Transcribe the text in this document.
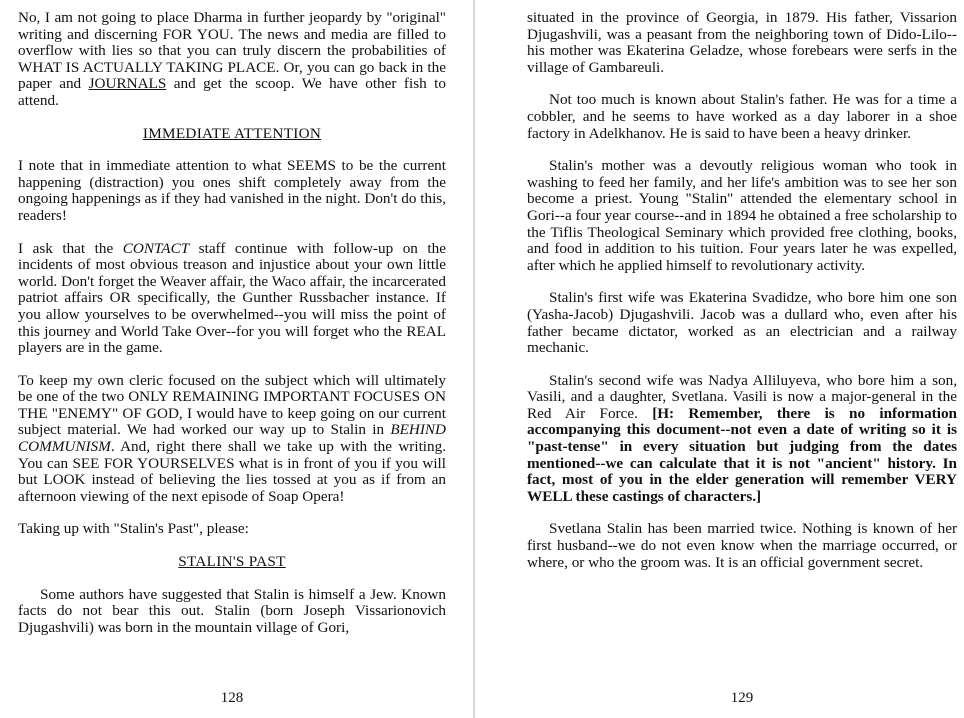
No, I am not going to place Dharma in further jeopardy by "original" writing and discerning FOR YOU. The news and media are filled to overflow with lies so that you can truly discern the probabilities of WHAT IS ACTUALLY TAKING PLACE. Or, you can go back in the paper and JOURNALS and get the scoop. We have other fish to attend.

IMMEDIATE ATTENTION

I note that in immediate attention to what SEEMS to be the current happening (distraction) you ones shift completely away from the ongoing happenings as if they had vanished in the night. Don't do this, readers!

I ask that the CONTACT staff continue with follow-up on the incidents of most obvious treason and injustice about your own little world. Don't forget the Weaver affair, the Waco affair, the incarcerated patriot affairs OR specifically, the Gunther Russbacher instance. If you allow yourselves to be overwhelmed--you will miss the point of this journey and World Take Over--for you will forget who the REAL players are in the game.

To keep my own cleric focused on the subject which will ultimately be one of the two ONLY REMAINING IMPORTANT FOCUSES ON THE "ENEMY" OF GOD, I would have to keep going on our current subject material. We had worked our way up to Stalin in BEHIND COMMUNISM. And, right there shall we take up with the writing. You can SEE FOR YOURSELVES what is in front of you if you will but LOOK instead of believing the lies tossed at you as if from an afternoon viewing of the next episode of Soap Opera!

Taking up with "Stalin's Past", please:

STALIN'S PAST

Some authors have suggested that Stalin is himself a Jew. Known facts do not bear this out. Stalin (born Joseph Vissarionovich Djugashvili) was born in the mountain village of Gori,

128

situated in the province of Georgia, in 1879. His father, Vissarion Djugashvili, was a peasant from the neighboring town of Dido-Lilo--his mother was Ekaterina Geladze, whose forebears were serfs in the village of Gambareuli.

Not too much is known about Stalin's father. He was for a time a cobbler, and he seems to have worked as a day laborer in a shoe factory in Adelkhanov. He is said to have been a heavy drinker.

Stalin's mother was a devoutly religious woman who took in washing to feed her family, and her life's ambition was to see her son become a priest. Young "Stalin" attended the elementary school in Gori--a four year course--and in 1894 he obtained a free scholarship to the Tiflis Theological Seminary which provided free clothing, books, and food in addition to his tuition. Four years later he was expelled, after which he applied himself to revolutionary activity.

Stalin's first wife was Ekaterina Svadidze, who bore him one son (Yasha-Jacob) Djugashvili. Jacob was a dullard who, even after his father became dictator, worked as an electrician and a railway mechanic.

Stalin's second wife was Nadya Alliluyeva, who bore him a son, Vasili, and a daughter, Svetlana. Vasili is now a major-general in the Red Air Force. [H: Remember, there is no information accompanying this document--not even a date of writing so it is "past-tense" in every situation but judging from the dates mentioned--we can calculate that it is not "ancient" history. In fact, most of you in the elder generation will remember VERY WELL these castings of characters.]

Svetlana Stalin has been married twice. Nothing is known of her first husband--we do not even know when the marriage occurred, or where, or who the groom was. It is an official government secret.

129
